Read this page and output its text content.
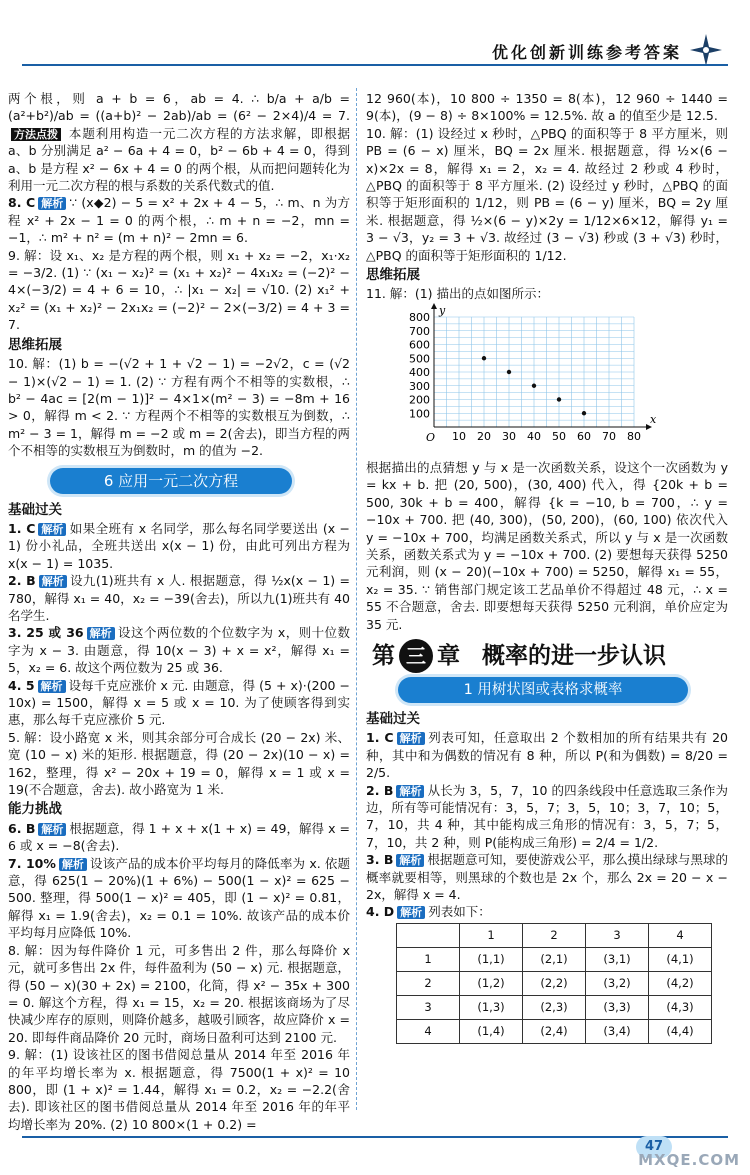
优化创新训练参考答案

两个根，则 a + b = 6，ab = 4. ∴ b/a + a/b = (a²+b²)/ab = ((a+b)² − 2ab)/ab = (6² − 2×4)/4 = 7. 方法点拨 本题利用构造一元二次方程的方法求解，即根据 a、b 分别满足 a² − 6a + 4 = 0，b² − 6b + 4 = 0，得到 a、b 是方程 x² − 6x + 4 = 0 的两个根，从而把问题转化为利用一元二次方程的根与系数的关系代数式的值.

8. C 解析 ∵ (x◆2) − 5 = x² + 2x + 4 − 5，∴ m、n 为方程 x² + 2x − 1 = 0 的两个根，∴ m + n = −2，mn = −1，∴ m² + n² = (m + n)² − 2mn = 6.

9. 解：设 x₁、x₂ 是方程的两个根，则 x₁ + x₂ = −2，x₁·x₂ = −3/2. (1) ∵ (x₁ − x₂)² = (x₁ + x₂)² − 4x₁x₂ = (−2)² − 4×(−3/2) = 4 + 6 = 10，∴ |x₁ − x₂| = √10. (2) x₁² + x₂² = (x₁ + x₂)² − 2x₁x₂ = (−2)² − 2×(−3/2) = 4 + 3 = 7.

思维拓展

10. 解：(1) b = −(√2 + 1 + √2 − 1) = −2√2，c = (√2 − 1)×(√2 − 1) = 1. (2) ∵ 方程有两个不相等的实数根，∴ b² − 4ac = [2(m − 1)]² − 4×1×(m² − 3) = −8m + 16 > 0，解得 m < 2. ∵ 方程两个不相等的实数根互为倒数，∴ m² − 3 = 1，解得 m = −2 或 m = 2(舍去)，即当方程的两个不相等的实数根互为倒数时，m 的值为 −2.

6 应用一元二次方程
基础过关

1. C 解析 如果全班有 x 名同学，那么每名同学要送出 (x − 1) 份小礼品，全班共送出 x(x − 1) 份，由此可列出方程为 x(x − 1) = 1035.

2. B 解析 设九(1)班共有 x 人. 根据题意，得 ½x(x − 1) = 780，解得 x₁ = 40，x₂ = −39(舍去)，所以九(1)班共有 40 名学生.

3. 25 或 36 解析 设这个两位数的个位数字为 x，则十位数字为 x − 3. 由题意，得 10(x − 3) + x = x²，解得 x₁ = 5，x₂ = 6. 故这个两位数为 25 或 36.

4. 5 解析 设每千克应涨价 x 元. 由题意，得 (5 + x)·(200 − 10x) = 1500，解得 x = 5 或 x = 10. 为了使顾客得到实惠，那么每千克应涨价 5 元.

5. 解：设小路宽 x 米，则其余部分可合成长 (20 − 2x) 米、宽 (10 − x) 米的矩形. 根据题意，得 (20 − 2x)(10 − x) = 162，整理，得 x² − 20x + 19 = 0，解得 x = 1 或 x = 19(不合题意，舍去). 故小路宽为 1 米.

能力挑战

6. B 解析 根据题意，得 1 + x + x(1 + x) = 49，解得 x = 6 或 x = −8(舍去).

7. 10% 解析 设该产品的成本价平均每月的降低率为 x. 依题意，得 625(1 − 20%)(1 + 6%) − 500(1 − x)² = 625 − 500. 整理，得 500(1 − x)² = 405，即 (1 − x)² = 0.81，解得 x₁ = 1.9(舍去)，x₂ = 0.1 = 10%. 故该产品的成本价平均每月应降低 10%.

8. 解：因为每件降价 1 元，可多售出 2 件，那么每降价 x 元，就可多售出 2x 件，每件盈利为 (50 − x) 元. 根据题意，得 (50 − x)(30 + 2x) = 2100，化简，得 x² − 35x + 300 = 0. 解这个方程，得 x₁ = 15，x₂ = 20. 根据该商场为了尽快减少库存的原则，则降价越多，越吸引顾客，故应降价 x = 20. 即每件商品降价 20 元时，商场日盈利可达到 2100 元.

9. 解：(1) 设该社区的图书借阅总量从 2014 年至 2016 年的年平均增长率为 x. 根据题意，得 7500(1 + x)² = 10 800，即 (1 + x)² = 1.44，解得 x₁ = 0.2，x₂ = −2.2(舍去). 即该社区的图书借阅总量从 2014 年至 2016 年的年平均增长率为 20%. (2) 10 800×(1 + 0.2) =

12 960(本)，10 800 ÷ 1350 = 8(本)，12 960 ÷ 1440 = 9(本)，(9 − 8) ÷ 8×100% = 12.5%. 故 a 的值至少是 12.5.

10. 解：(1) 设经过 x 秒时，△PBQ 的面积等于 8 平方厘米，则 PB = (6 − x) 厘米，BQ = 2x 厘米. 根据题意，得 ½×(6 − x)×2x = 8，解得 x₁ = 2，x₂ = 4. 故经过 2 秒或 4 秒时，△PBQ 的面积等于 8 平方厘米. (2) 设经过 y 秒时，△PBQ 的面积等于矩形面积的 1/12，则 PB = (6 − y) 厘米，BQ = 2y 厘米. 根据题意，得 ½×(6 − y)×2y = 1/12×6×12，解得 y₁ = 3 − √3，y₂ = 3 + √3. 故经过 (3 − √3) 秒或 (3 + √3) 秒时，△PBQ 的面积等于矩形面积的 1/12.

思维拓展

11. 解：(1) 描出的点如图所示：

10 20 30 40 50 60 70 80
100
200
300
400
500
600
700
800
O
x
y

根据描出的点猜想 y 与 x 是一次函数关系，设这个一次函数为 y = kx + b. 把 (20, 500)，(30, 400) 代入，得 {20k + b = 500, 30k + b = 400，解得 {k = −10, b = 700，∴ y = −10x + 700. 把 (40, 300)，(50, 200)，(60, 100) 依次代入 y = −10x + 700，均满足函数关系式，所以 y 与 x 是一次函数关系，函数关系式为 y = −10x + 700. (2) 要想每天获得 5250 元利润，则 (x − 20)(−10x + 700) = 5250，解得 x₁ = 55，x₂ = 35. ∵ 销售部门规定该工艺品单价不得超过 48 元，∴ x = 55 不合题意，舍去. 即要想每天获得 5250 元利润，单价应定为 35 元.

第 三 章 概率的进一步认识
1 用树状图或表格求概率
基础过关

1. C 解析 列表可知，任意取出 2 个数相加的所有结果共有 20 种，其中和为偶数的情况有 8 种，所以 P(和为偶数) = 8/20 = 2/5.

2. B 解析 从长为 3，5，7，10 的四条线段中任意选取三条作为边，所有等可能情况有：3，5，7；3，5，10；3，7，10；5，7，10，共 4 种，其中能构成三角形的情况有：3，5，7；5，7，10，共 2 种，则 P(能构成三角形) = 2/4 = 1/2.

3. B 解析 根据题意可知，要使游戏公平，那么摸出绿球与黑球的概率就要相等，则黑球的个数也是 2x 个，那么 2x = 20 − x − 2x，解得 x = 4.

4. D 解析 列表如下：

	1	2	3	4
1	(1,1)	(2,1)	(3,1)	(4,1)
2	(1,2)	(2,2)	(3,2)	(4,2)
3	(1,3)	(2,3)	(3,3)	(4,3)
4	(1,4)	(2,4)	(3,4)	(4,4)
47
MXQE.COM
